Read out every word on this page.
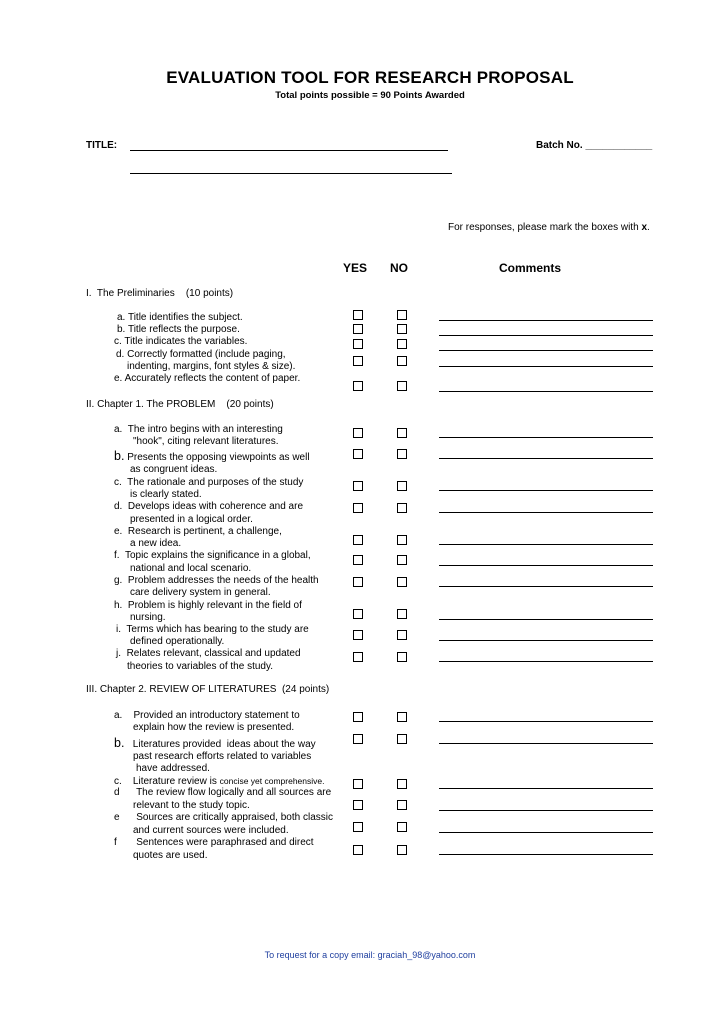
EVALUATION TOOL FOR RESEARCH PROPOSAL
Total points possible = 90 Points Awarded
TITLE:	Batch No. ____________
For responses, please mark the boxes with x.
YES NO	Comments
I.  The Preliminaries    (10 points)
a. Title identifies the subject.
b. Title reflects the purpose.
c. Title indicates the variables.
d. Correctly formatted (include paging,
indenting, margins, font styles & size).
e. Accurately reflects the content of paper.
II. Chapter 1. The PROBLEM    (20 points)
a. The intro begins with an interesting
"hook", citing relevant literatures.
b. Presents the opposing viewpoints as well
as congruent ideas.
c. The rationale and purposes of the study
is clearly stated.
d. Develops ideas with coherence and are
presented in a logical order.
e. Research is pertinent, a challenge,
a new idea.
f. Topic explains the significance in a global,
national and local scenario.
g. Problem addresses the needs of the health
care delivery system in general.
h. Problem is highly relevant in the field of
nursing.
i. Terms which has bearing to the study are
defined operationally.
j. Relates relevant, classical and updated
theories to variables of the study.
III. Chapter 2. REVIEW OF LITERATURES  (24 points)
a. Provided an introductory statement to
explain how the review is presented.
b. Literatures provided  ideas about the way
past research efforts related to variables
have addressed.
c. Literature review is concise yet comprehensive.
d The review flow logically and all sources are
relevant to the study topic.
e Sources are critically appraised, both classic
and current sources were included.
f Sentences were paraphrased and direct
quotes are used.
To request for a copy email: graciah_98@yahoo.com
